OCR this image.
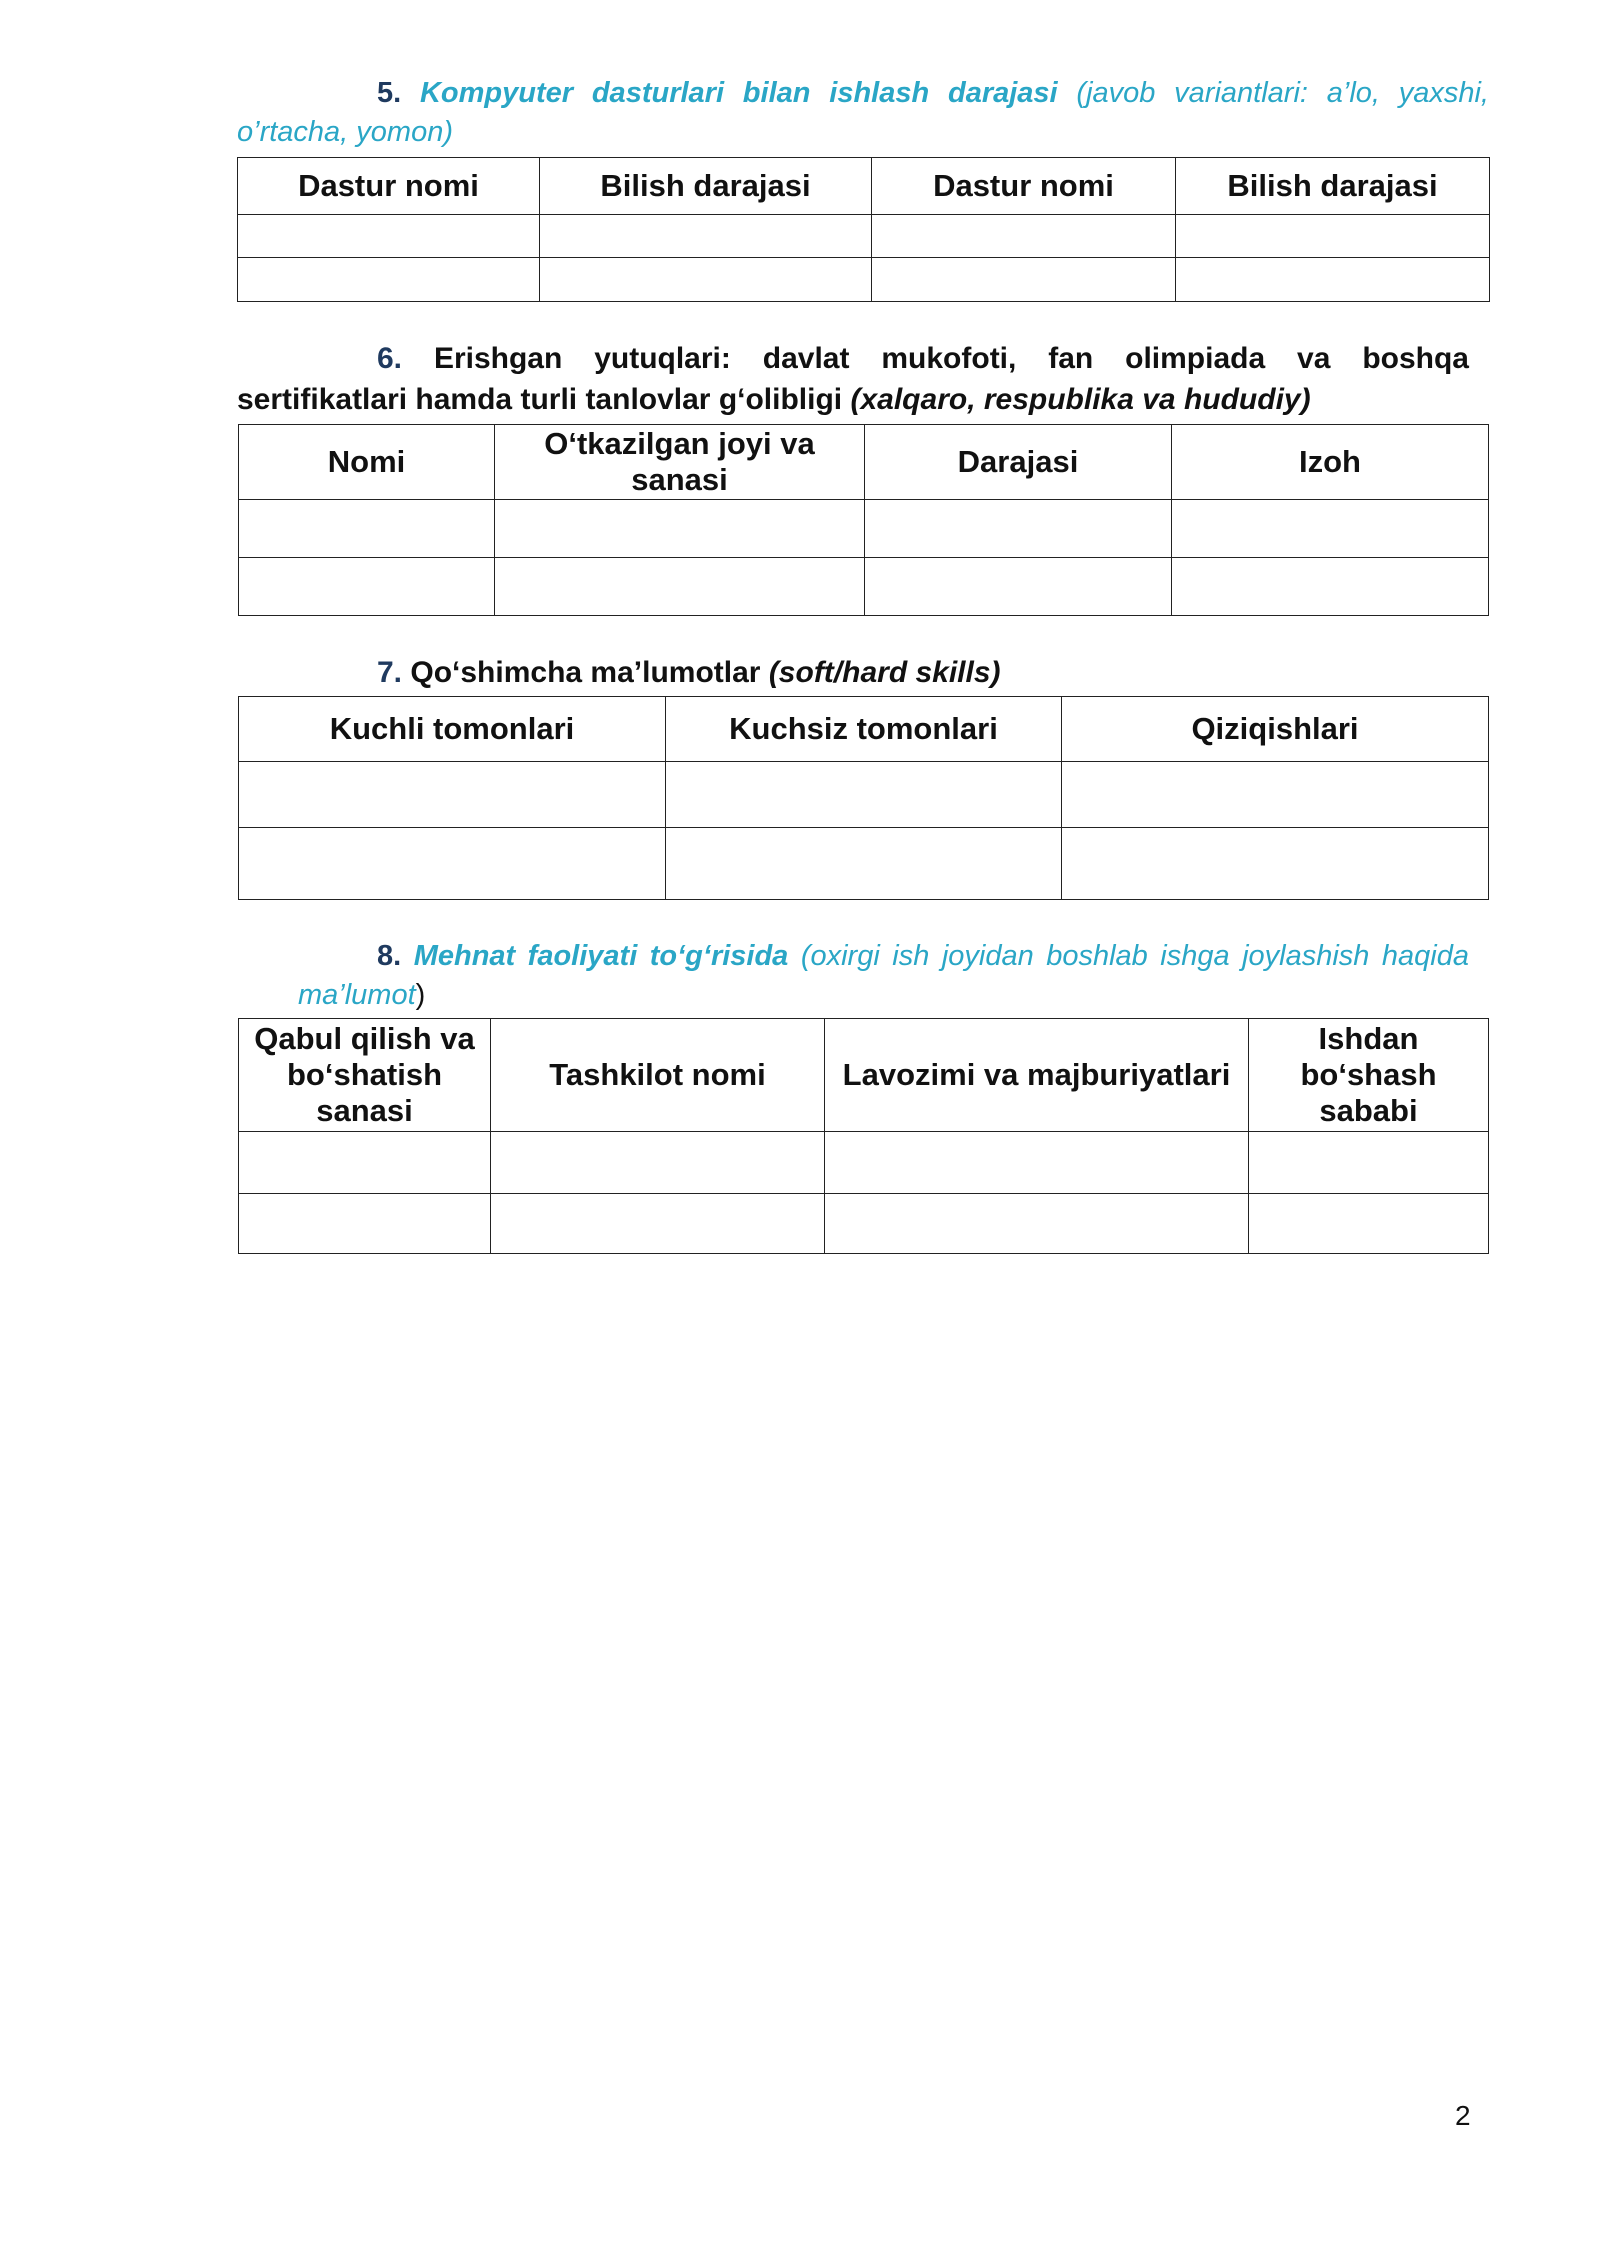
5. Kompyuter dasturlari bilan ishlash darajasi (javob variantlari: a’lo, yaxshi,
o’rtacha, yomon)
Dastur nomi	Bilish darajasi	Dastur nomi	Bilish darajasi

6. Erishgan yutuqlari: davlat mukofoti, fan olimpiada va boshqa
sertifikatlari hamda turli tanlovlar g‘olibligi (xalqaro, respublika va hududiy)
Nomi	O‘tkazilgan joyi va sanasi	Darajasi	Izoh

7. Qo‘shimcha ma’lumotlar (soft/hard skills)
Kuchli tomonlari	Kuchsiz tomonlari	Qiziqishlari

8. Mehnat faoliyati to‘g‘risida (oxirgi ish joyidan boshlab ishga joylashish haqida
ma’lumot)
Qabul qilish va bo‘shatish sanasi	Tashkilot nomi	Lavozimi va majburiyatlari	Ishdan bo‘shash sababi

2
